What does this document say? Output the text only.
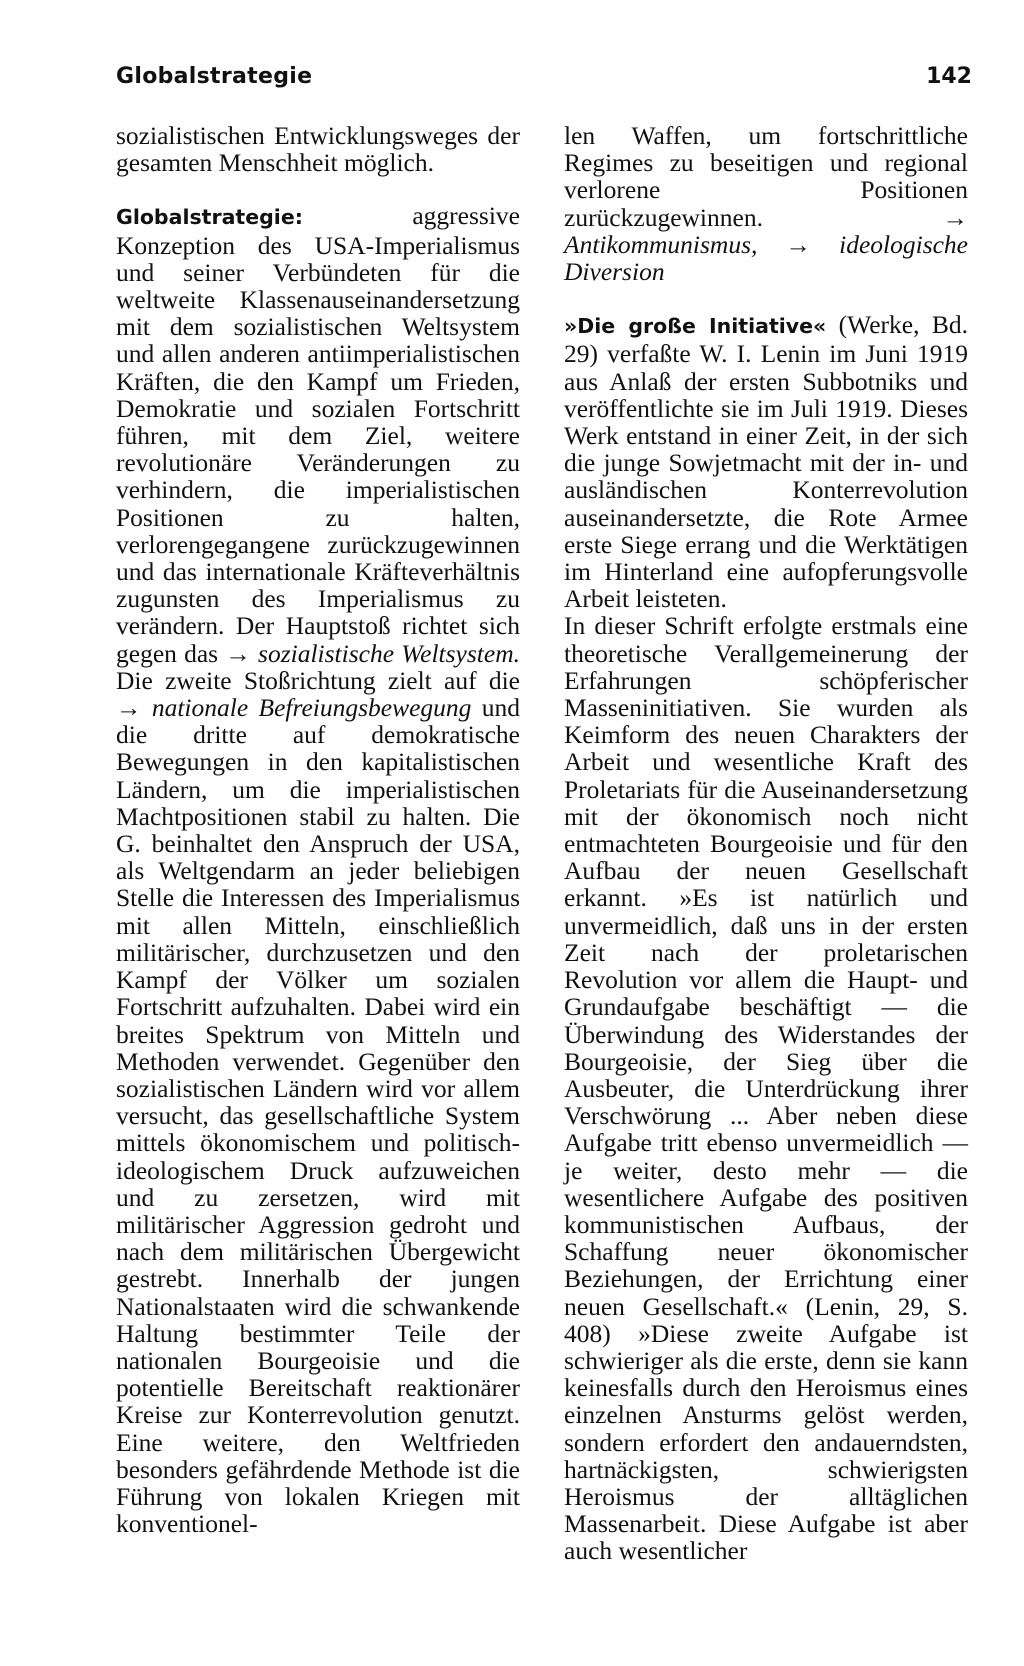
Globalstrategie	142

sozialistischen Entwicklungsweges der gesamten Menschheit möglich.

Globalstrategie: aggressive Konzeption des USA-Imperialismus und seiner Verbündeten für die weltweite Klassenauseinandersetzung mit dem sozialistischen Weltsystem und allen anderen antiimperialistischen Kräften, die den Kampf um Frieden, Demokratie und sozialen Fortschritt führen, mit dem Ziel, weitere revolutionäre Veränderungen zu verhindern, die imperialistischen Positionen zu halten, verlorengegangene zurückzugewinnen und das internationale Kräfteverhältnis zugunsten des Imperialismus zu verändern. Der Hauptstoß richtet sich gegen das → sozialistische Weltsystem. Die zweite Stoßrichtung zielt auf die → nationale Befreiungsbewegung und die dritte auf demokratische Bewegungen in den kapitalistischen Ländern, um die imperialistischen Machtpositionen stabil zu halten. Die G. beinhaltet den Anspruch der USA, als Weltgendarm an jeder beliebigen Stelle die Interessen des Imperialismus mit allen Mitteln, einschließlich militärischer, durchzusetzen und den Kampf der Völker um sozialen Fortschritt aufzuhalten. Dabei wird ein breites Spektrum von Mitteln und Methoden verwendet. Gegenüber den sozialistischen Ländern wird vor allem versucht, das gesellschaftliche System mittels ökonomischem und politisch-ideologischem Druck aufzuweichen und zu zersetzen, wird mit militärischer Aggression gedroht und nach dem militärischen Übergewicht gestrebt. Innerhalb der jungen Nationalstaaten wird die schwankende Haltung bestimmter Teile der nationalen Bourgeoisie und die potentielle Bereitschaft reaktionärer Kreise zur Konterrevolution genutzt. Eine weitere, den Weltfrieden besonders gefährdende Methode ist die Führung von lokalen Kriegen mit konventionel-

len Waffen, um fortschrittliche Regimes zu beseitigen und regional verlorene Positionen zurückzugewinnen. → Antikommunismus, → ideologische Diversion

»Die große Initiative« (Werke, Bd. 29) verfaßte W. I. Lenin im Juni 1919 aus Anlaß der ersten Subbotniks und veröffentlichte sie im Juli 1919. Dieses Werk entstand in einer Zeit, in der sich die junge Sowjetmacht mit der in- und ausländischen Konterrevolution auseinandersetzte, die Rote Armee erste Siege errang und die Werktätigen im Hinterland eine aufopferungsvolle Arbeit leisteten.

In dieser Schrift erfolgte erstmals eine theoretische Verallgemeinerung der Erfahrungen schöpferischer Masseninitiativen. Sie wurden als Keimform des neuen Charakters der Arbeit und wesentliche Kraft des Proletariats für die Auseinandersetzung mit der ökonomisch noch nicht entmachteten Bourgeoisie und für den Aufbau der neuen Gesellschaft erkannt. »Es ist natürlich und unvermeidlich, daß uns in der ersten Zeit nach der proletarischen Revolution vor allem die Haupt- und Grundaufgabe beschäftigt — die Überwindung des Widerstandes der Bourgeoisie, der Sieg über die Ausbeuter, die Unterdrückung ihrer Verschwörung ... Aber neben diese Aufgabe tritt ebenso unvermeidlich — je weiter, desto mehr — die wesentlichere Aufgabe des positiven kommunistischen Aufbaus, der Schaffung neuer ökonomischer Beziehungen, der Errichtung einer neuen Gesellschaft.« (Lenin, 29, S. 408) »Diese zweite Aufgabe ist schwieriger als die erste, denn sie kann keinesfalls durch den Heroismus eines einzelnen Ansturms gelöst werden, sondern erfordert den andauerndsten, hartnäckigsten, schwierigsten Heroismus der alltäglichen Massenarbeit. Diese Aufgabe ist aber auch wesentlicher
